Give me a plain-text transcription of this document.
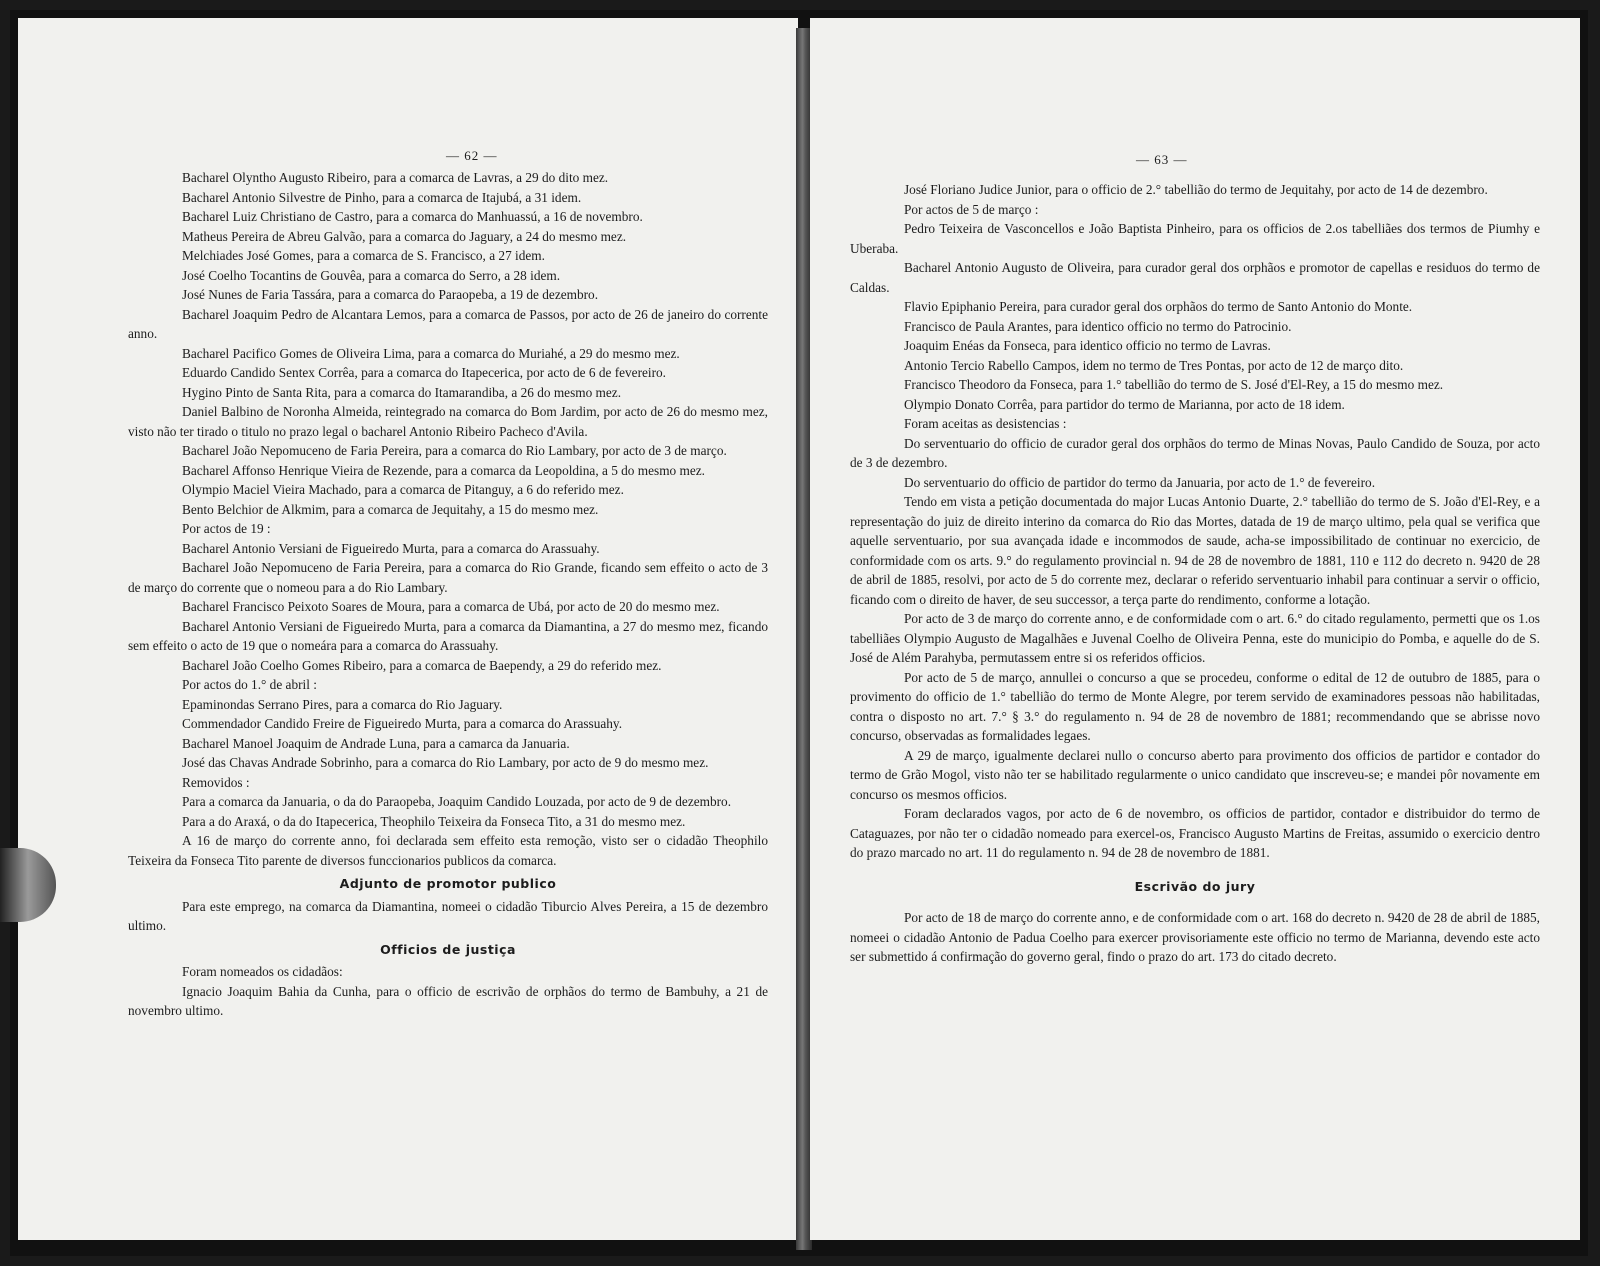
— 62 —

Bacharel Olyntho Augusto Ribeiro, para a comarca de Lavras, a 29 do dito mez.

Bacharel Antonio Silvestre de Pinho, para a comarca de Itajubá, a 31 idem.

Bacharel Luiz Christiano de Castro, para a comarca do Manhuassú, a 16 de novembro.

Matheus Pereira de Abreu Galvão, para a comarca do Jaguary, a 24 do mesmo mez.

Melchiades José Gomes, para a comarca de S. Francisco, a 27 idem.

José Coelho Tocantins de Gouvêa, para a comarca do Serro, a 28 idem.

José Nunes de Faria Tassára, para a comarca do Paraopeba, a 19 de dezembro.

Bacharel Joaquim Pedro de Alcantara Lemos, para a comarca de Passos, por acto de 26 de janeiro do corrente anno.

Bacharel Pacifico Gomes de Oliveira Lima, para a comarca do Muriahé, a 29 do mesmo mez.

Eduardo Candido Sentex Corrêa, para a comarca do Itapecerica, por acto de 6 de fevereiro.

Hygino Pinto de Santa Rita, para a comarca do Itamarandiba, a 26 do mesmo mez.

Daniel Balbino de Noronha Almeida, reintegrado na comarca do Bom Jardim, por acto de 26 do mesmo mez, visto não ter tirado o titulo no prazo legal o bacharel Antonio Ribeiro Pacheco d'Avila.

Bacharel João Nepomuceno de Faria Pereira, para a comarca do Rio Lambary, por acto de 3 de março.

Bacharel Affonso Henrique Vieira de Rezende, para a comarca da Leopoldina, a 5 do mesmo mez.

Olympio Maciel Vieira Machado, para a comarca de Pitanguy, a 6 do referido mez.

Bento Belchior de Alkmim, para a comarca de Jequitahy, a 15 do mesmo mez.

Por actos de 19 :

Bacharel Antonio Versiani de Figueiredo Murta, para a comarca do Arassuahy.

Bacharel João Nepomuceno de Faria Pereira, para a comarca do Rio Grande, ficando sem effeito o acto de 3 de março do corrente que o nomeou para a do Rio Lambary.

Bacharel Francisco Peixoto Soares de Moura, para a comarca de Ubá, por acto de 20 do mesmo mez.

Bacharel Antonio Versiani de Figueiredo Murta, para a comarca da Diamantina, a 27 do mesmo mez, ficando sem effeito o acto de 19 que o nomeára para a comarca do Arassuahy.

Bacharel João Coelho Gomes Ribeiro, para a comarca de Baependy, a 29 do referido mez.

Por actos do 1.° de abril :

Epaminondas Serrano Pires, para a comarca do Rio Jaguary.

Commendador Candido Freire de Figueiredo Murta, para a comarca do Arassuahy.

Bacharel Manoel Joaquim de Andrade Luna, para a camarca da Januaria.

José das Chavas Andrade Sobrinho, para a comarca do Rio Lambary, por acto de 9 do mesmo mez.

Removidos :

Para a comarca da Januaria, o da do Paraopeba, Joaquim Candido Louzada, por acto de 9 de dezembro.

Para a do Araxá, o da do Itapecerica, Theophilo Teixeira da Fonseca Tito, a 31 do mesmo mez.

A 16 de março do corrente anno, foi declarada sem effeito esta remoção, visto ser o cidadão Theophilo Teixeira da Fonseca Tito parente de diversos funccionarios publicos da comarca.

Adjunto de promotor publico

Para este emprego, na comarca da Diamantina, nomeei o cidadão Tiburcio Alves Pereira, a 15 de dezembro ultimo.

Officios de justiça

Foram nomeados os cidadãos:

Ignacio Joaquim Bahia da Cunha, para o officio de escrivão de orphãos do termo de Bambuhy, a 21 de novembro ultimo.

José Floriano Judice Junior, para o officio de 2.° tabellião do termo de Jequitahy, por acto de 14 de dezembro.

Por actos de 5 de março :

Pedro Teixeira de Vasconcellos e João Baptista Pinheiro, para os officios de 2.os tabelliães dos termos de Piumhy e Uberaba.

Bacharel Antonio Augusto de Oliveira, para curador geral dos orphãos e promotor de capellas e residuos do termo de Caldas.

Flavio Epiphanio Pereira, para curador geral dos orphãos do termo de Santo Antonio do Monte.

Francisco de Paula Arantes, para identico officio no termo do Patrocinio.

Joaquim Enéas da Fonseca, para identico officio no termo de Lavras.

Antonio Tercio Rabello Campos, idem no termo de Tres Pontas, por acto de 12 de março dito.

Francisco Theodoro da Fonseca, para 1.° tabellião do termo de S. José d'El-Rey, a 15 do mesmo mez.

Olympio Donato Corrêa, para partidor do termo de Marianna, por acto de 18 idem.

Foram aceitas as desistencias :

Do serventuario do officio de curador geral dos orphãos do termo de Minas Novas, Paulo Candido de Souza, por acto de 3 de dezembro.

Do serventuario do officio de partidor do termo da Januaria, por acto de 1.° de fevereiro.

Tendo em vista a petição documentada do major Lucas Antonio Duarte, 2.° tabellião do termo de S. João d'El-Rey, e a representação do juiz de direito interino da comarca do Rio das Mortes, datada de 19 de março ultimo, pela qual se verifica que aquelle serventuario, por sua avançada idade e incommodos de saude, acha-se impossibilitado de continuar no exercicio, de conformidade com os arts. 9.° do regulamento provincial n. 94 de 28 de novembro de 1881, 110 e 112 do decreto n. 9420 de 28 de abril de 1885, resolvi, por acto de 5 do corrente mez, declarar o referido serventuario inhabil para continuar a servir o officio, ficando com o direito de haver, de seu successor, a terça parte do rendimento, conforme a lotação.

Por acto de 3 de março do corrente anno, e de conformidade com o art. 6.° do citado regulamento, permetti que os 1.os tabelliães Olympio Augusto de Magalhães e Juvenal Coelho de Oliveira Penna, este do municipio do Pomba, e aquelle do de S. José de Além Parahyba, permutassem entre si os referidos officios.

Por acto de 5 de março, annullei o concurso a que se procedeu, conforme o edital de 12 de outubro de 1885, para o provimento do officio de 1.° tabellião do termo de Monte Alegre, por terem servido de examinadores pessoas não habilitadas, contra o disposto no art. 7.° § 3.° do regulamento n. 94 de 28 de novembro de 1881; recommendando que se abrisse novo concurso, observadas as formalidades legaes.

A 29 de março, igualmente declarei nullo o concurso aberto para provimento dos officios de partidor e contador do termo de Grão Mogol, visto não ter se habilitado regularmente o unico candidato que inscreveu-se; e mandei pôr novamente em concurso os mesmos officios.

Foram declarados vagos, por acto de 6 de novembro, os officios de partidor, contador e distribuidor do termo de Cataguazes, por não ter o cidadão nomeado para exercel-os, Francisco Augusto Martins de Freitas, assumido o exercicio dentro do prazo marcado no art. 11 do regulamento n. 94 de 28 de novembro de 1881.

Escrivão do jury

Por acto de 18 de março do corrente anno, e de conformidade com o art. 168 do decreto n. 9420 de 28 de abril de 1885, nomeei o cidadão Antonio de Padua Coelho para exercer provisoriamente este officio no termo de Marianna, devendo este acto ser submettido á confirmação do governo geral, findo o prazo do art. 173 do citado decreto.

— 63 —
